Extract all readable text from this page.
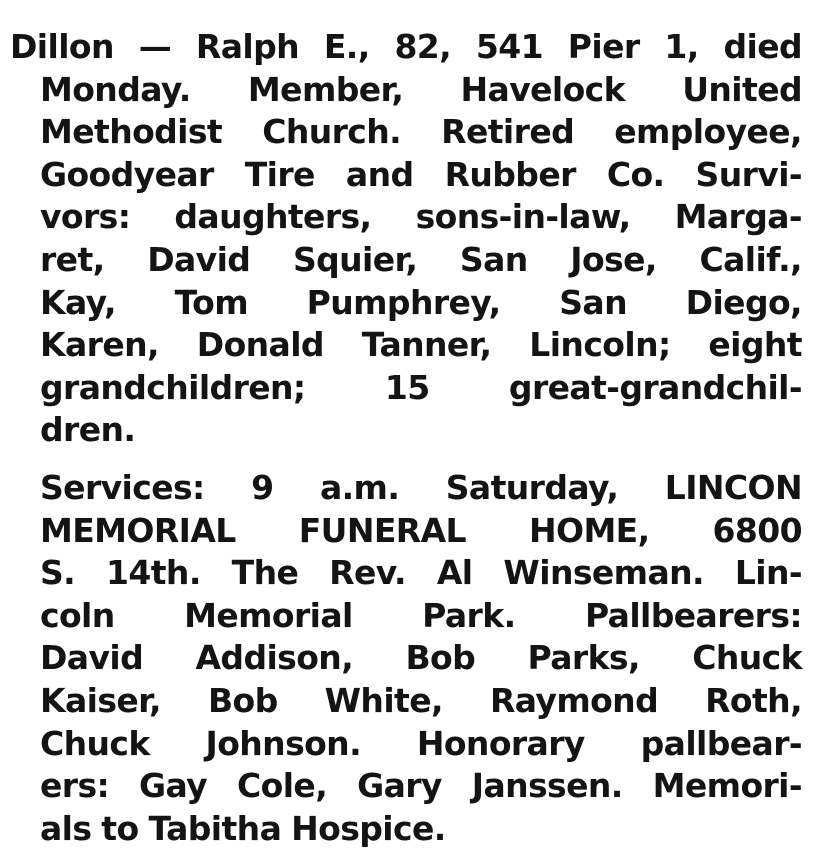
Dillon — Ralph E., 82, 541 Pier 1, died
Monday. Member, Havelock United
Methodist Church. Retired employee,
Goodyear Tire and Rubber Co. Survi-
vors: daughters, sons-in-law, Marga-
ret, David Squier, San Jose, Calif.,
Kay, Tom Pumphrey, San Diego,
Karen, Donald Tanner, Lincoln; eight
grandchildren; 15 great-grandchil-
dren.
Services: 9 a.m. Saturday, LINCON
MEMORIAL FUNERAL HOME, 6800
S. 14th. The Rev. Al Winseman. Lin-
coln Memorial Park. Pallbearers:
David Addison, Bob Parks, Chuck
Kaiser, Bob White, Raymond Roth,
Chuck Johnson. Honorary pallbear-
ers: Gay Cole, Gary Janssen. Memori-
als to Tabitha Hospice.
